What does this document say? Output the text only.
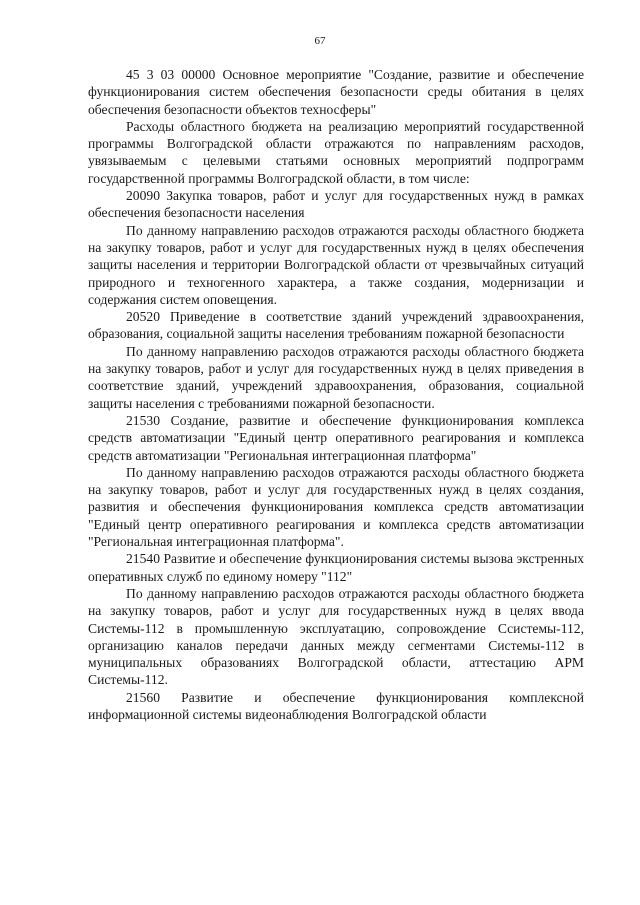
67

45 3 03 00000 Основное мероприятие "Создание, развитие и обеспечение функционирования систем обеспечения безопасности среды обитания в целях обеспечения безопасности объектов техносферы"

Расходы областного бюджета на реализацию мероприятий государственной программы Волгоградской области отражаются по направлениям расходов, увязываемым с целевыми статьями основных мероприятий подпрограмм государственной программы Волгоградской области, в том числе:

20090 Закупка товаров, работ и услуг для государственных нужд в рамках обеспечения безопасности населения

По данному направлению расходов отражаются расходы областного бюджета на закупку товаров, работ и услуг для государственных нужд в целях обеспечения защиты населения и территории Волгоградской области от чрезвычайных ситуаций природного и техногенного характера, а также создания, модернизации и содержания систем оповещения.

20520 Приведение в соответствие зданий учреждений здравоохранения, образования, социальной защиты населения требованиям пожарной безопасности

По данному направлению расходов отражаются расходы областного бюджета на закупку товаров, работ и услуг для государственных нужд в целях приведения в соответствие зданий, учреждений здравоохранения, образования, социальной защиты населения с требованиями пожарной безопасности.

21530 Создание, развитие и обеспечение функционирования комплекса средств автоматизации "Единый центр оперативного реагирования и комплекса средств автоматизации "Региональная интеграционная платформа"

По данному направлению расходов отражаются расходы областного бюджета на закупку товаров, работ и услуг для государственных нужд в целях создания, развития и обеспечения функционирования комплекса средств автоматизации "Единый центр оперативного реагирования и комплекса средств автоматизации "Региональная интеграционная платформа".

21540 Развитие и обеспечение функционирования системы вызова экстренных оперативных служб по единому номеру "112"

По данному направлению расходов отражаются расходы областного бюджета на закупку товаров, работ и услуг для государственных нужд в целях ввода Системы-112 в промышленную эксплуатацию, сопровождение Ссистемы-112, организацию каналов передачи данных между сегментами Системы-112 в муниципальных образованиях Волгоградской области, аттестацию АРМ Системы-112.

21560 Развитие и обеспечение функционирования комплексной информационной системы видеонаблюдения Волгоградской области
